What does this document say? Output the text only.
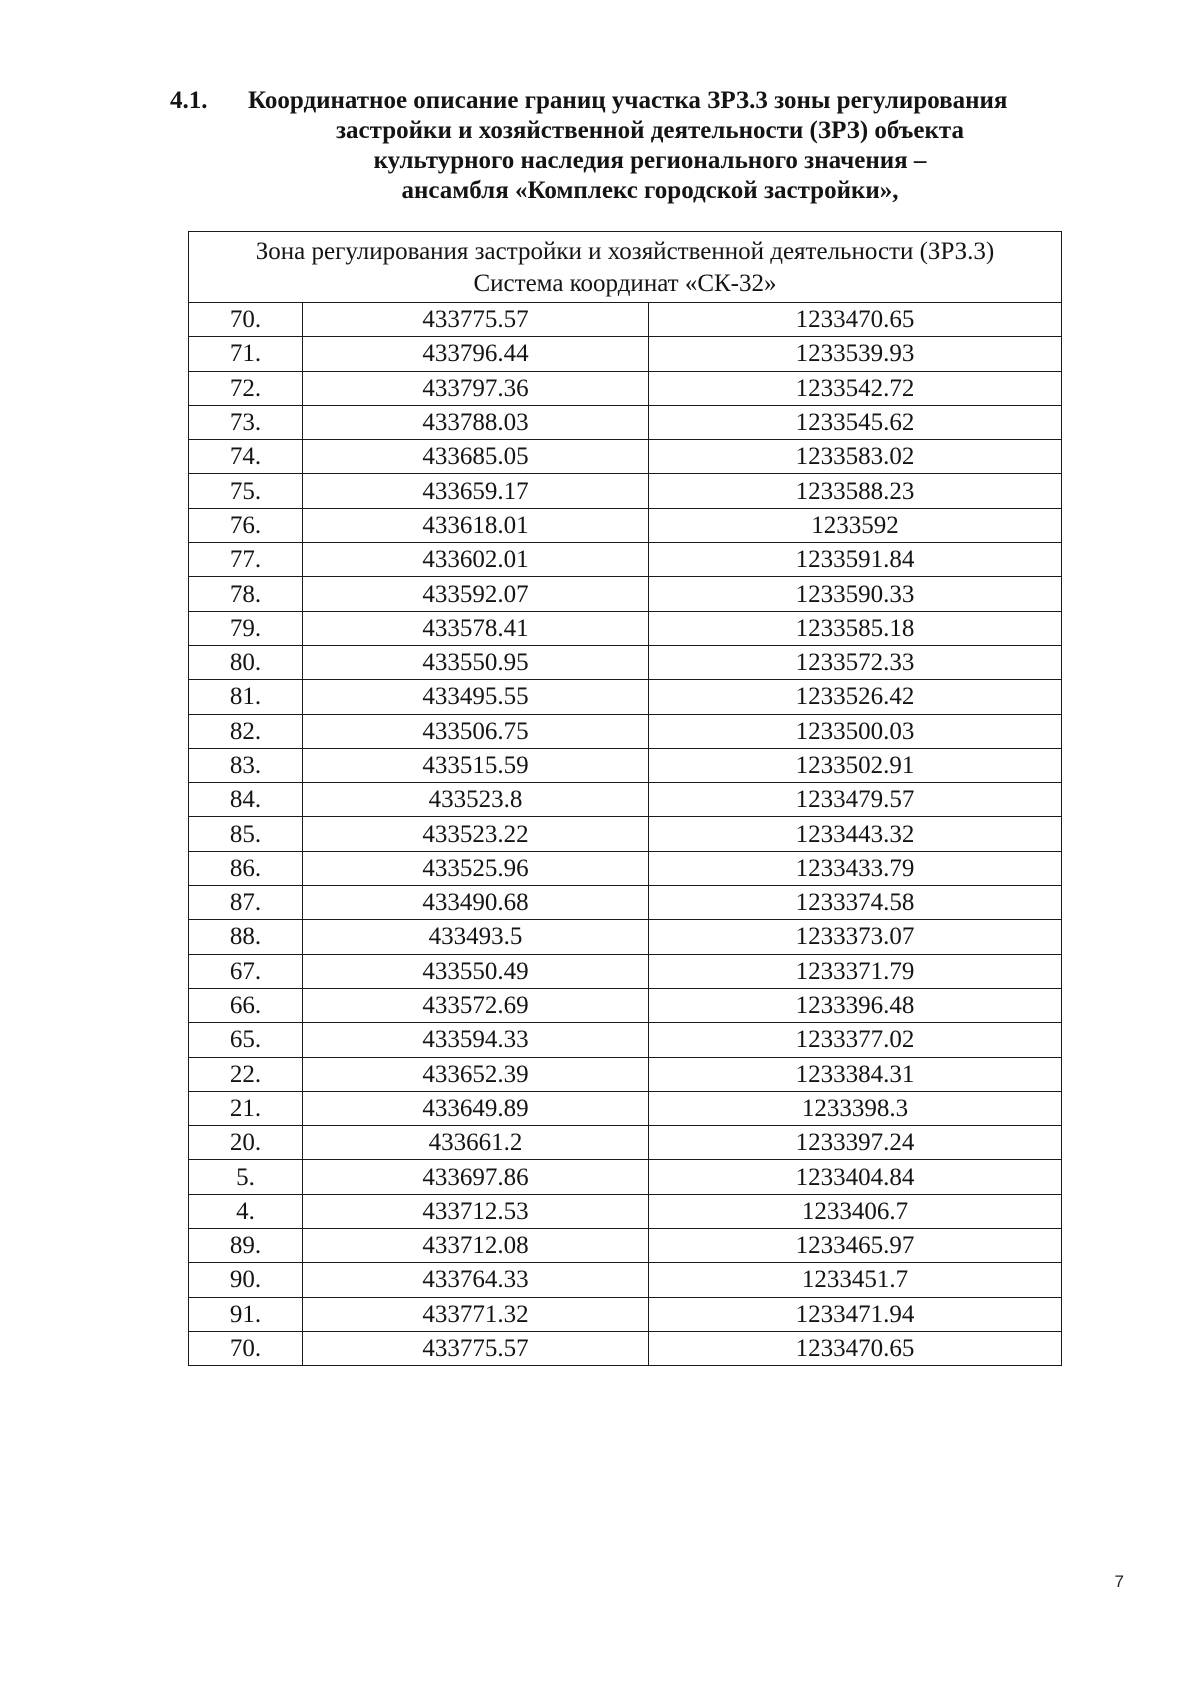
4.1.	Координатное описание границ участка ЗРЗ.3 зоны регулирования
застройки и хозяйственной деятельности (ЗРЗ) объекта
культурного наследия регионального значения –
ансамбля «Комплекс городской застройки»,
Зона регулирования застройки и хозяйственной деятельности (ЗРЗ.3)
Система координат «СК-32»		

70.	433775.57	1233470.65
71.	433796.44	1233539.93
72.	433797.36	1233542.72
73.	433788.03	1233545.62
74.	433685.05	1233583.02
75.	433659.17	1233588.23
76.	433618.01	1233592
77.	433602.01	1233591.84
78.	433592.07	1233590.33
79.	433578.41	1233585.18
80.	433550.95	1233572.33
81.	433495.55	1233526.42
82.	433506.75	1233500.03
83.	433515.59	1233502.91
84.	433523.8	1233479.57
85.	433523.22	1233443.32
86.	433525.96	1233433.79
87.	433490.68	1233374.58
88.	433493.5	1233373.07
67.	433550.49	1233371.79
66.	433572.69	1233396.48
65.	433594.33	1233377.02
22.	433652.39	1233384.31
21.	433649.89	1233398.3
20.	433661.2	1233397.24
5.	433697.86	1233404.84
4.	433712.53	1233406.7
89.	433712.08	1233465.97
90.	433764.33	1233451.7
91.	433771.32	1233471.94
70.	433775.57	1233470.65
7
